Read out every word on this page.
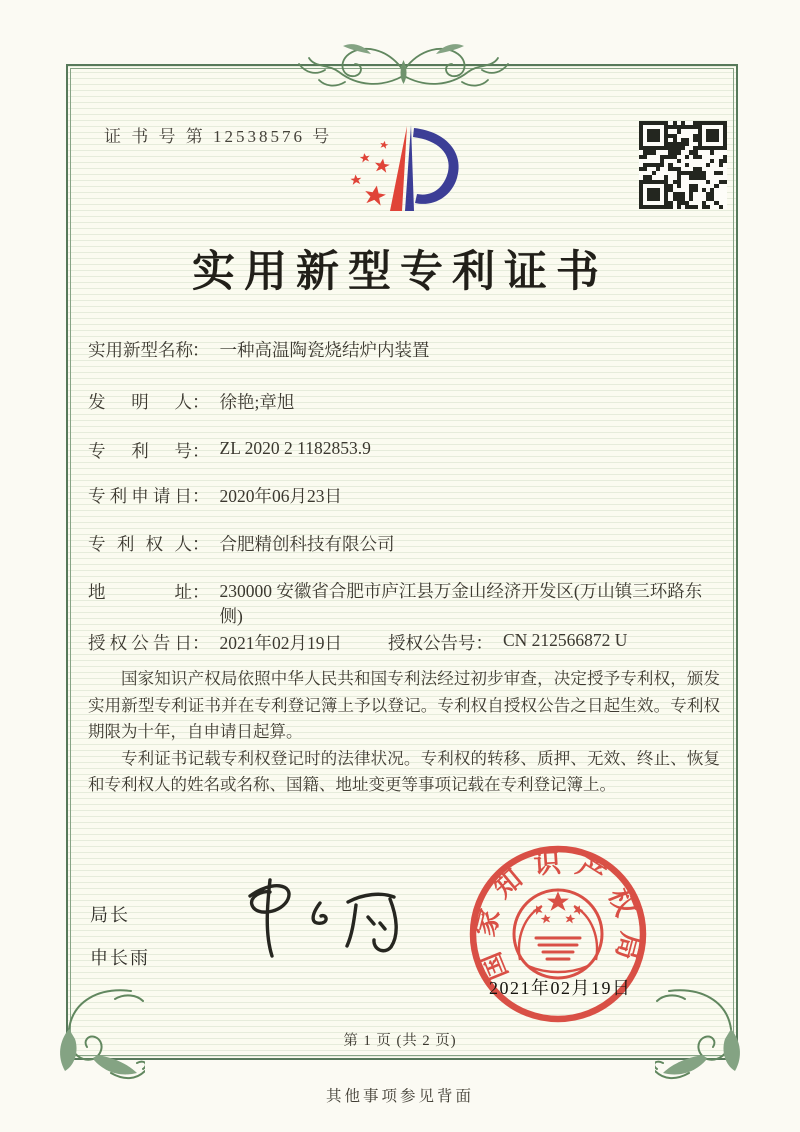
证 书 号 第 12538576 号
实用新型专利证书
实用新型名称： 一种高温陶瓷烧结炉内装置
发明人： 徐艳;章旭
专利号： ZL 2020 2 1182853.9
专利申请日： 2020年06月23日
专利权人： 合肥精创科技有限公司
地址： 230000 安徽省合肥市庐江县万金山经济开发区(万山镇三环路东侧)
授权公告日： 2021年02月19日	授权公告号： CN 212566872 U

国家知识产权局依照中华人民共和国专利法经过初步审查，决定授予专利权，颁发实用新型专利证书并在专利登记簿上予以登记。专利权自授权公告之日起生效。专利权期限为十年，自申请日起算。

专利证书记载专利权登记时的法律状况。专利权的转移、质押、无效、终止、恢复和专利权人的姓名或名称、国籍、地址变更等事项记载在专利登记簿上。

局长
申长雨	国家知识产权局
2021年02月19日
第 1 页 (共 2 页)
其他事项参见背面
